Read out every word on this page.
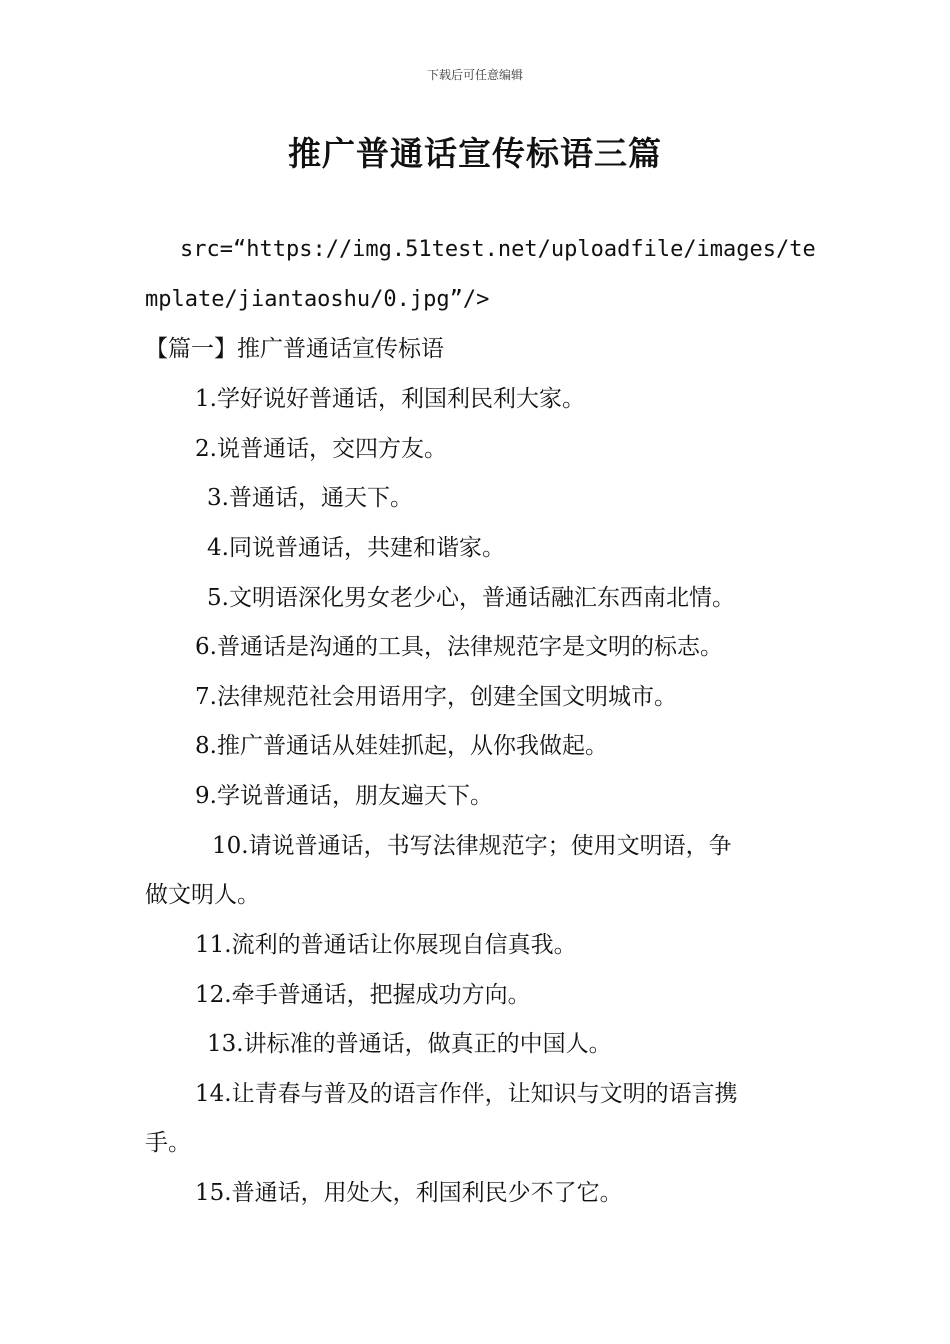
下载后可任意编辑
推广普通话宣传标语三篇

src=“https://img.51test.net/uploadfile/images/te

mplate/jiantaoshu/0.jpg”/>

【篇一】推广普通话宣传标语

1.学好说好普通话，利国利民利大家。

2.说普通话，交四方友。

3.普通话，通天下。

4.同说普通话，共建和谐家。

5.文明语深化男女老少心，普通话融汇东西南北情。

6.普通话是沟通的工具，法律规范字是文明的标志。

7.法律规范社会用语用字，创建全国文明城市。

8.推广普通话从娃娃抓起，从你我做起。

9.学说普通话，朋友遍天下。

10.请说普通话，书写法律规范字；使用文明语，争

做文明人。

11.流利的普通话让你展现自信真我。

12.牵手普通话，把握成功方向。

13.讲标准的普通话，做真正的中国人。

14.让青春与普及的语言作伴，让知识与文明的语言携

手。

15.普通话，用处大，利国利民少不了它。
